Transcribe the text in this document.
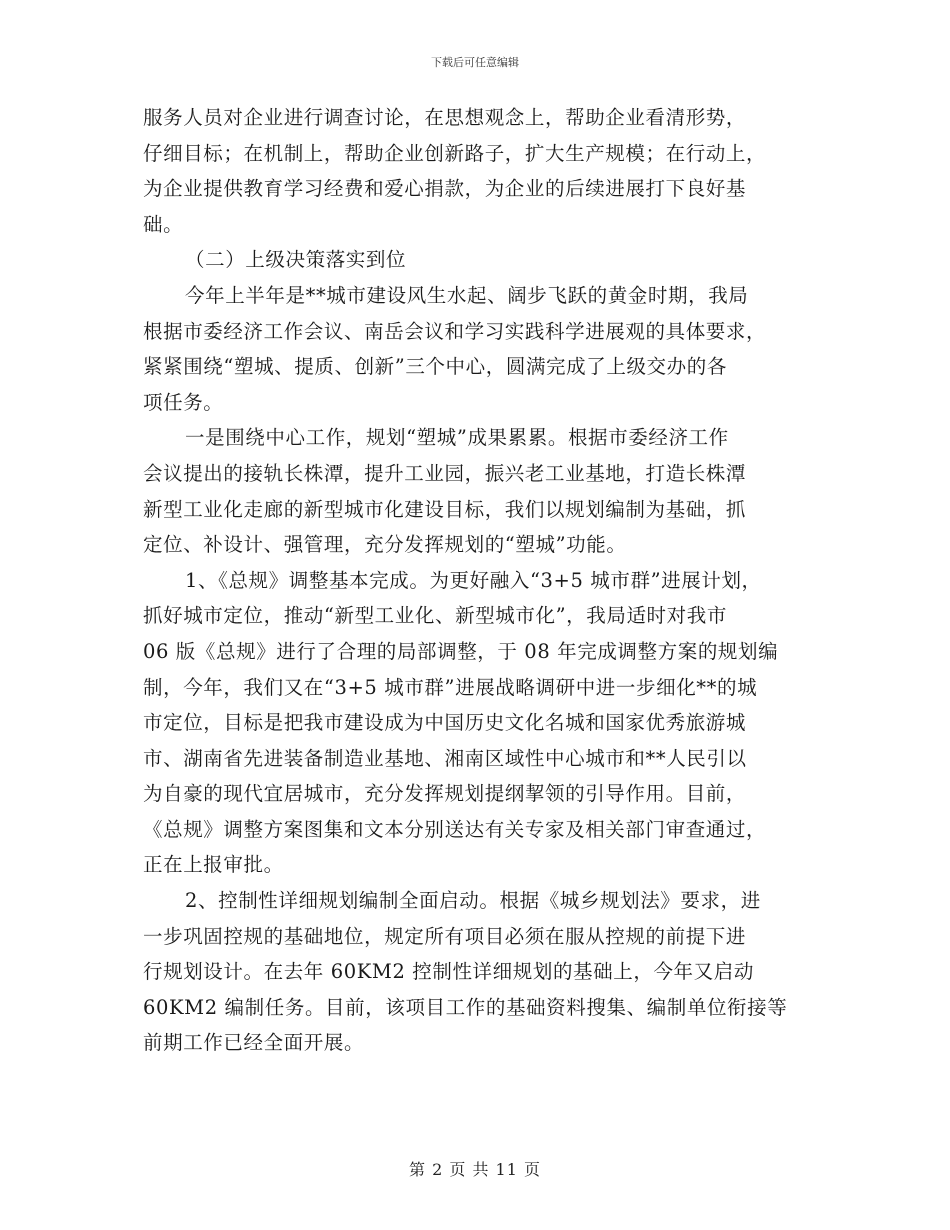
下载后可任意编辑
服务人员对企业进行调查讨论，在思想观念上，帮助企业看清形势，
仔细目标；在机制上，帮助企业创新路子，扩大生产规模；在行动上，
为企业提供教育学习经费和爱心捐款，为企业的后续进展打下良好基
础。
（二）上级决策落实到位
今年上半年是**城市建设风生水起、阔步飞跃的黄金时期，我局
根据市委经济工作会议、南岳会议和学习实践科学进展观的具体要求，
紧紧围绕“塑城、提质、创新”三个中心，圆满完成了上级交办的各
项任务。
一是围绕中心工作，规划“塑城”成果累累。根据市委经济工作
会议提出的接轨长株潭，提升工业园，振兴老工业基地，打造长株潭
新型工业化走廊的新型城市化建设目标，我们以规划编制为基础，抓
定位、补设计、强管理，充分发挥规划的“塑城”功能。
1、《总规》调整基本完成。为更好融入“3+5 城市群”进展计划，
抓好城市定位，推动“新型工业化、新型城市化”，我局适时对我市
06 版《总规》进行了合理的局部调整，于 08 年完成调整方案的规划编
制，今年，我们又在“3+5 城市群”进展战略调研中进一步细化**的城
市定位，目标是把我市建设成为中国历史文化名城和国家优秀旅游城
市、湖南省先进装备制造业基地、湘南区域性中心城市和**人民引以
为自豪的现代宜居城市，充分发挥规划提纲挈领的引导作用。目前，
《总规》调整方案图集和文本分别送达有关专家及相关部门审查通过，
正在上报审批。
2、控制性详细规划编制全面启动。根据《城乡规划法》要求，进
一步巩固控规的基础地位，规定所有项目必须在服从控规的前提下进
行规划设计。在去年 60KM2 控制性详细规划的基础上，今年又启动
60KM2 编制任务。目前，该项目工作的基础资料搜集、编制单位衔接等
前期工作已经全面开展。
第 2 页 共 11 页
